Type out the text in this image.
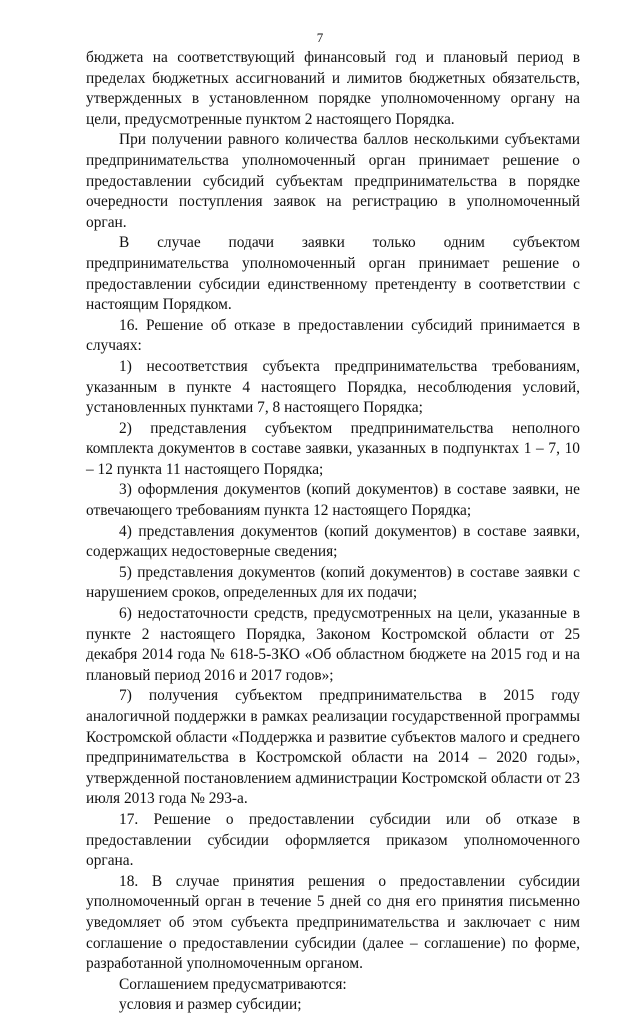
7

бюджета на соответствующий финансовый год и плановый период в пределах бюджетных ассигнований и лимитов бюджетных обязательств, утвержденных в установленном порядке уполномоченному органу на цели, предусмотренные пунктом 2 настоящего Порядка.

При получении равного количества баллов несколькими субъектами предпринимательства уполномоченный орган принимает решение о предоставлении субсидий субъектам предпринимательства в порядке очередности поступления заявок на регистрацию в уполномоченный орган.

В случае подачи заявки только одним субъектом предпринимательства уполномоченный орган принимает решение о предоставлении субсидии единственному претенденту в соответствии с настоящим Порядком.

16. Решение об отказе в предоставлении субсидий принимается в случаях:

1) несоответствия субъекта предпринимательства требованиям, указанным в пункте 4 настоящего Порядка, несоблюдения условий, установленных пунктами 7, 8 настоящего Порядка;

2) представления субъектом предпринимательства неполного комплекта документов в составе заявки, указанных в подпунктах 1 – 7, 10 – 12 пункта 11 настоящего Порядка;

3) оформления документов (копий документов) в составе заявки, не отвечающего требованиям пункта 12 настоящего Порядка;

4) представления документов (копий документов) в составе заявки, содержащих недостоверные сведения;

5) представления документов (копий документов) в составе заявки с нарушением сроков, определенных для их подачи;

6) недостаточности средств, предусмотренных на цели, указанные в пункте 2 настоящего Порядка, Законом Костромской области от 25 декабря 2014 года № 618-5-ЗКО «Об областном бюджете на 2015 год и на плановый период 2016 и 2017 годов»;

7) получения субъектом предпринимательства в 2015 году аналогичной поддержки в рамках реализации государственной программы Костромской области «Поддержка и развитие субъектов малого и среднего предпринимательства в Костромской области на 2014 – 2020 годы», утвержденной постановлением администрации Костромской области от 23 июля 2013 года № 293-а.

17. Решение о предоставлении субсидии или об отказе в предоставлении субсидии оформляется приказом уполномоченного органа.

18. В случае принятия решения о предоставлении субсидии уполномоченный орган в течение 5 дней со дня его принятия письменно уведомляет об этом субъекта предпринимательства и заключает с ним соглашение о предоставлении субсидии (далее – соглашение) по форме, разработанной уполномоченным органом.

Соглашением предусматриваются:

условия и размер субсидии;
